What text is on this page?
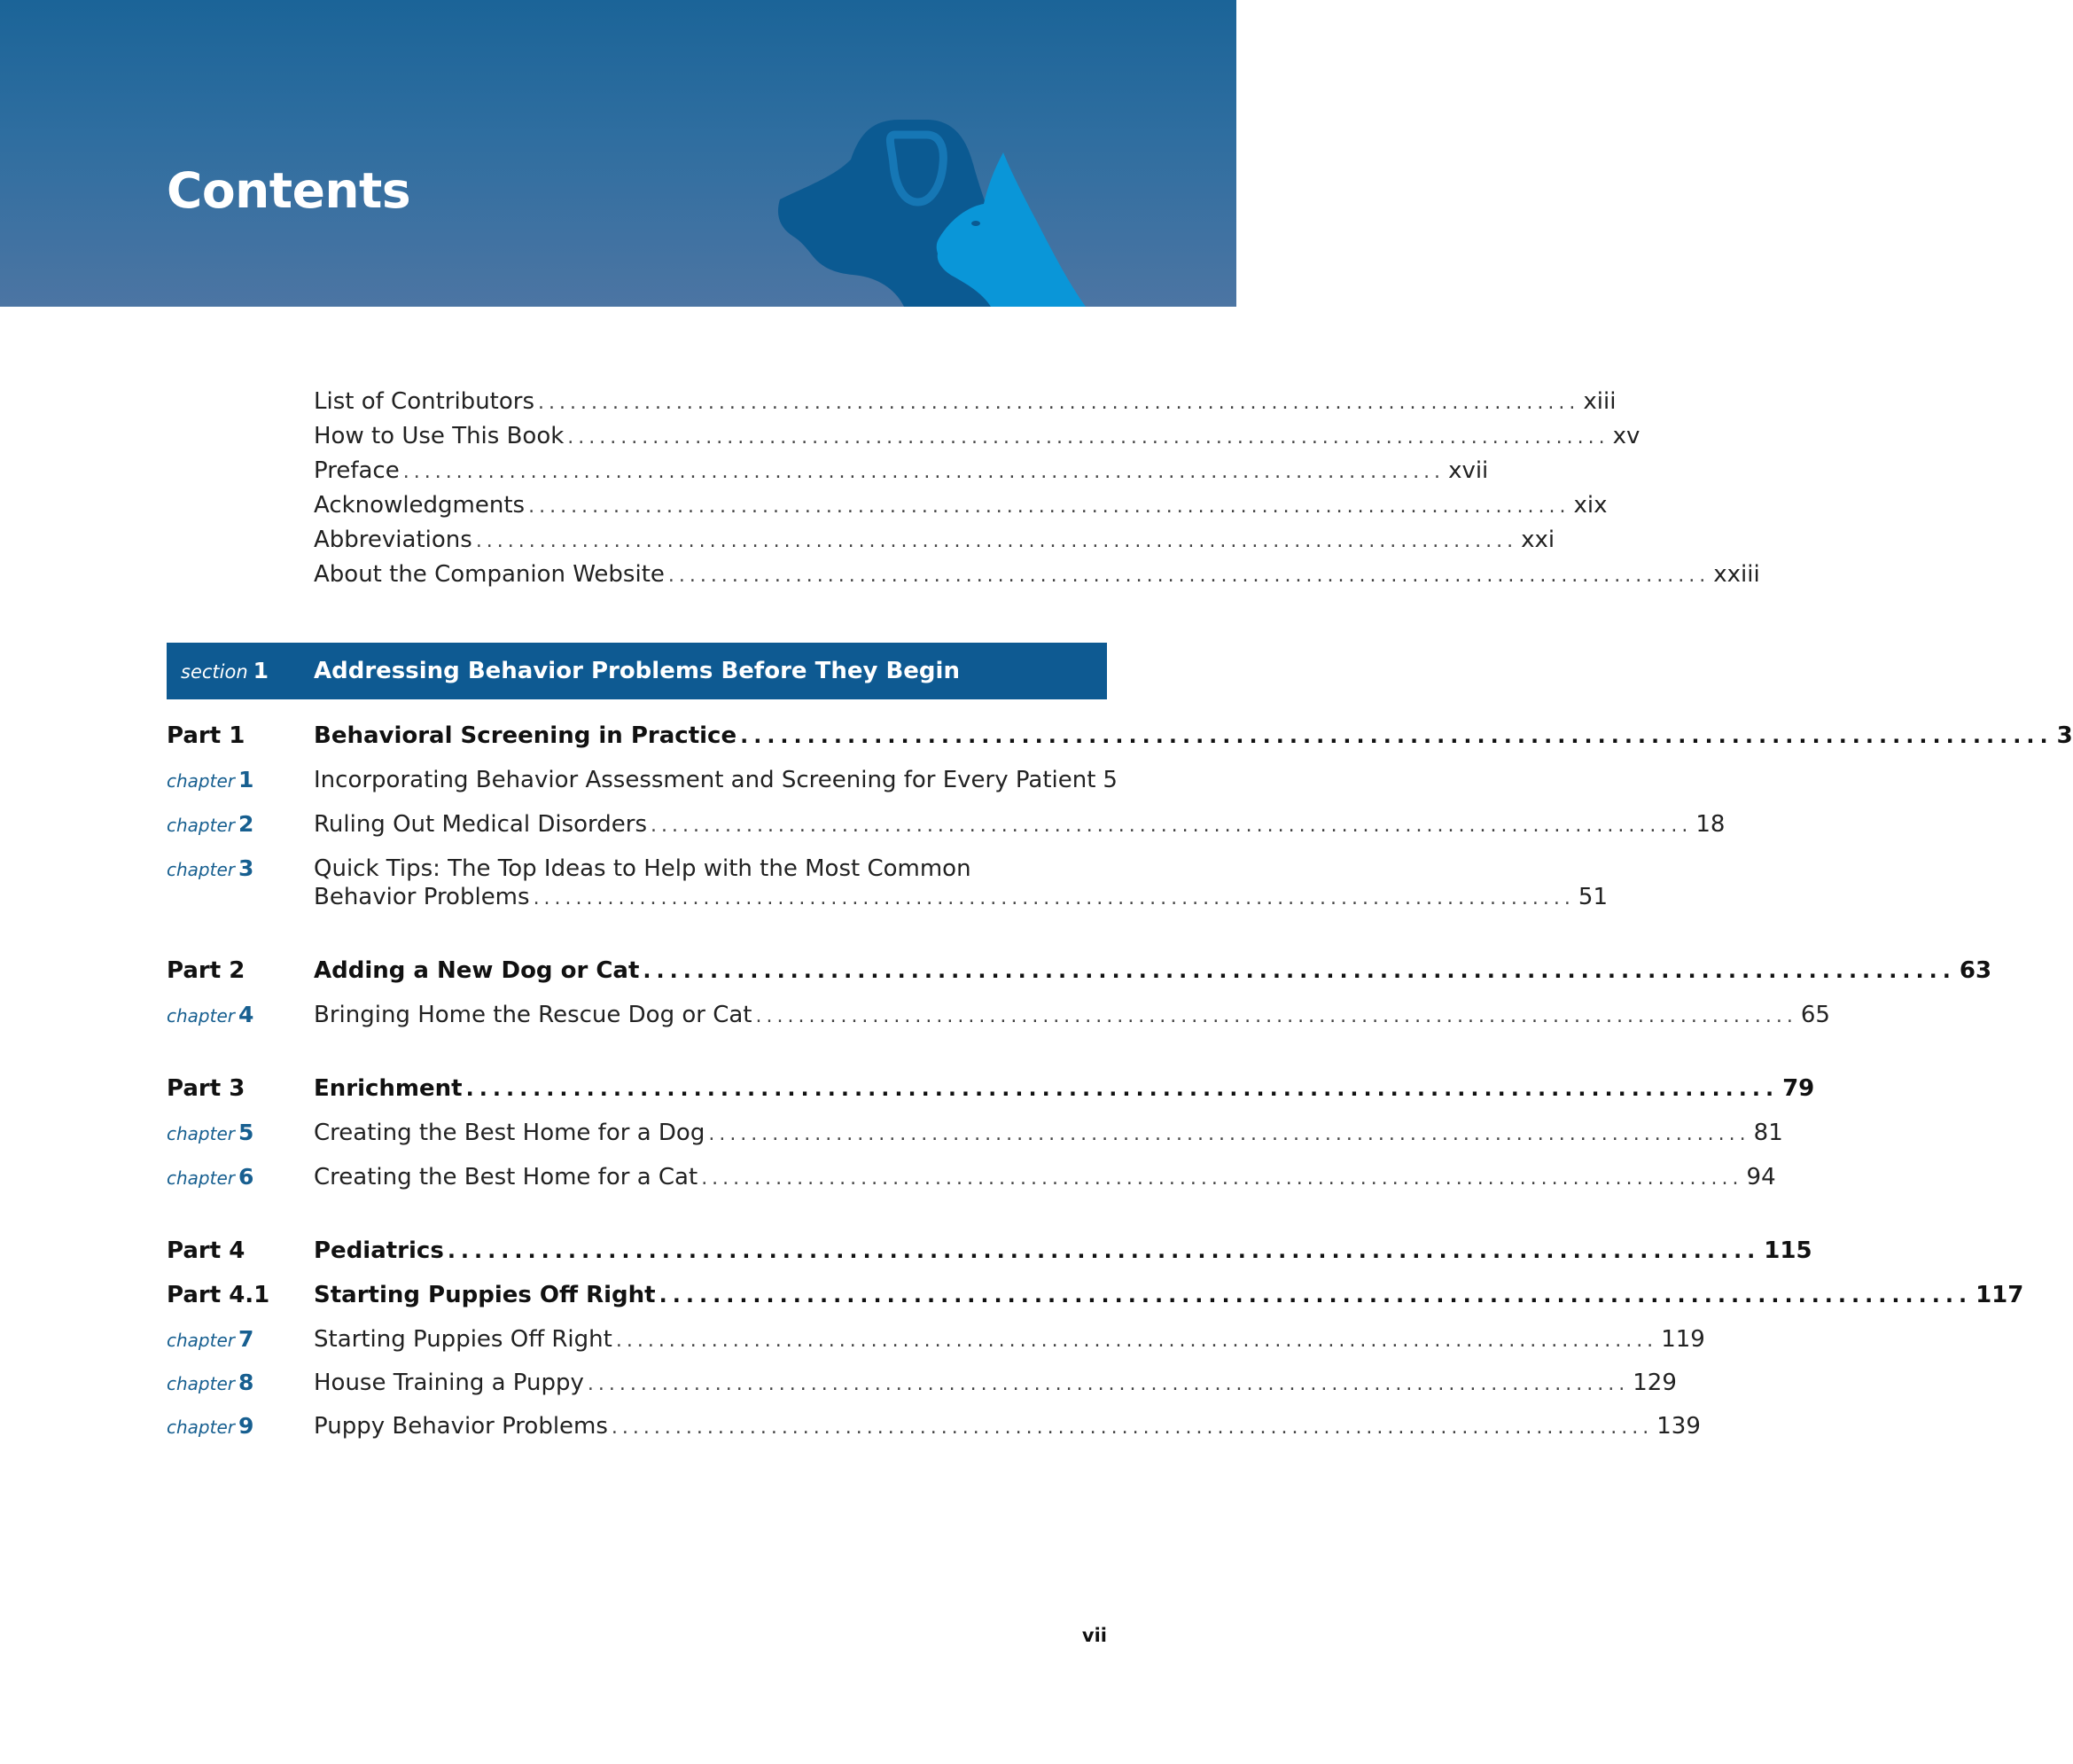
Contents
List of Contributors .................................................................................................. xiii
How to Use This Book .................................................................................................. xv
Preface .................................................................................................. xvii
Acknowledgments .................................................................................................. xix
Abbreviations .................................................................................................. xxi
About the Companion Website .................................................................................................. xxiii
section 1 Addressing Behavior Problems Before They Begin
Part 1	Behavioral Screening in Practice .................................................................................................. 3
chapter 1	Incorporating Behavior Assessment and Screening for Every Patient 5
chapter 2	Ruling Out Medical Disorders .................................................................................................. 18
chapter 3	Quick Tips: The Top Ideas to Help with the Most Common
Behavior Problems .................................................................................................. 51
Part 2	Adding a New Dog or Cat .................................................................................................. 63
chapter 4	Bringing Home the Rescue Dog or Cat .................................................................................................. 65
Part 3	Enrichment .................................................................................................. 79
chapter 5	Creating the Best Home for a Dog .................................................................................................. 81
chapter 6	Creating the Best Home for a Cat .................................................................................................. 94
Part 4	Pediatrics .................................................................................................. 115
Part 4.1 Starting Puppies Off Right .................................................................................................. 117
chapter 7	Starting Puppies Off Right .................................................................................................. 119
chapter 8	House Training a Puppy .................................................................................................. 129
chapter 9	Puppy Behavior Problems .................................................................................................. 139
vii
